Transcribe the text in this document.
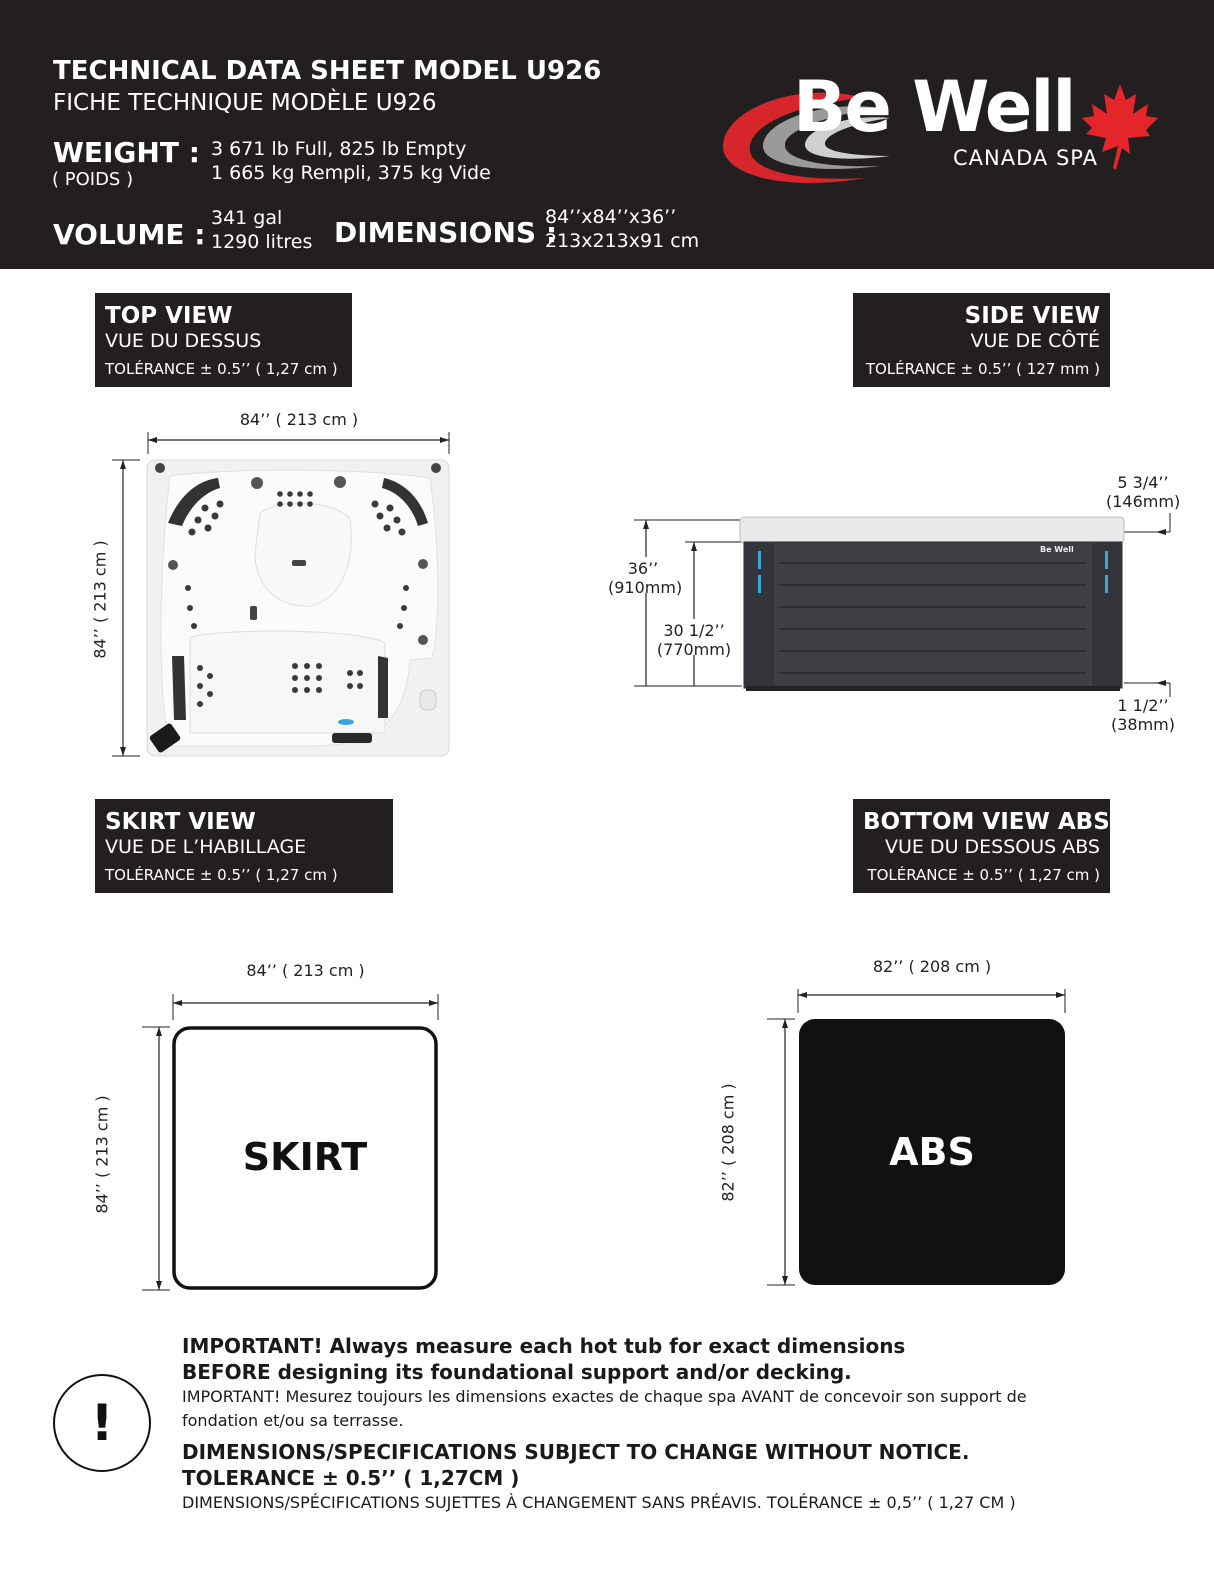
TECHNICAL DATA SHEET MODEL U926
FICHE TECHNIQUE MODÈLE U926
WEIGHT :
( POIDS )
3 671 lb Full, 825 lb Empty
1 665 kg Rempli, 375 kg Vide
VOLUME : 341 gal
1290 litres DIMENSIONS :
84’’x84’’x36’’
213x213x91 cm
Be Well
CANADA SPA
TOP VIEW
VUE DU DESSUS
TOLÉRANCE ± 0.5’’ ( 1,27 cm )
SIDE VIEW
VUE DE CÔTÉ
TOLÉRANCE ± 0.5’’ ( 127 mm )
84’’ ( 213 cm )
84’’ ( 213 cm )	36’’
(910mm)
30 1/2’’
(770mm)
5 3/4’’
(146mm)
1 1/2’’
(38mm)
Be Well
SKIRT VIEW
VUE DE L’HABILLAGE
TOLÉRANCE ± 0.5’’ ( 1,27 cm )
BOTTOM VIEW ABS
VUE DU DESSOUS ABS
TOLÉRANCE ± 0.5’’ ( 1,27 cm )
84’’ ( 213 cm )
84’’ ( 213 cm )	SKIRT
82’’ ( 208 cm )
82’’ ( 208 cm )	ABS
!
IMPORTANT! Always measure each hot tub for exact dimensions
BEFORE designing its foundational support and/or decking.
IMPORTANT! Mesurez toujours les dimensions exactes de chaque spa AVANT de concevoir son support de fondation et/ou sa terrasse.
DIMENSIONS/SPECIFICATIONS SUBJECT TO CHANGE WITHOUT NOTICE.
TOLERANCE ± 0.5’’ ( 1,27CM )
DIMENSIONS/SPÉCIFICATIONS SUJETTES À CHANGEMENT SANS PRÉAVIS. TOLÉRANCE ± 0,5’’ ( 1,27 CM )
